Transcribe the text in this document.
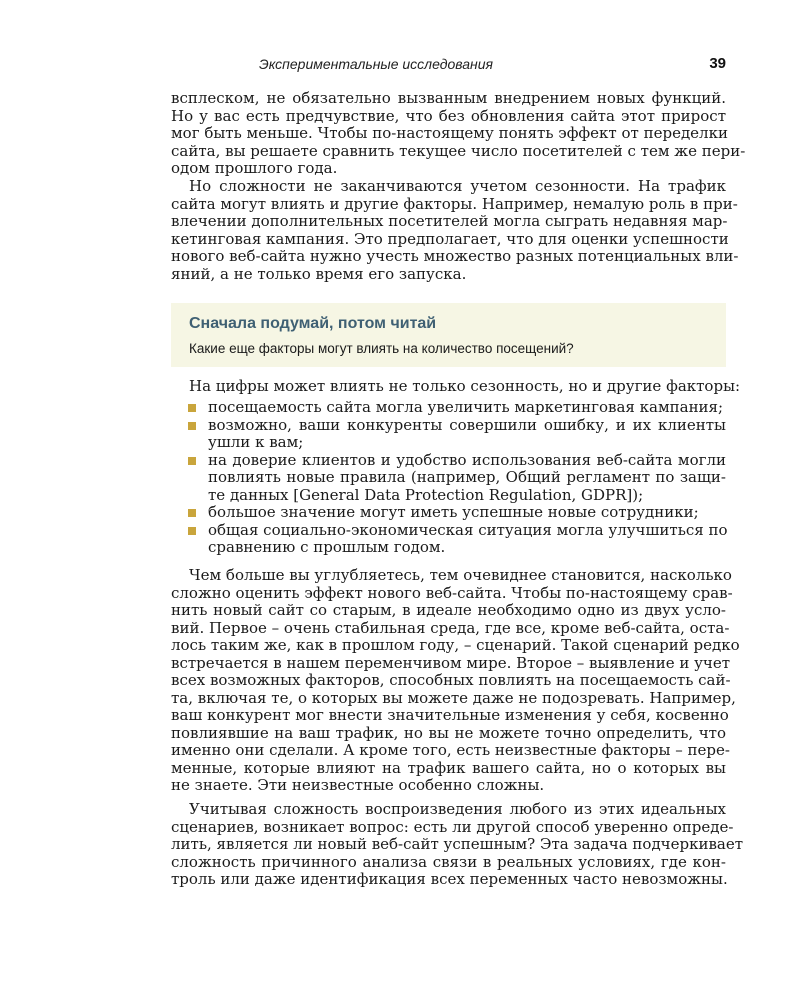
Экспериментальные исследования	39
всплеском, не обязательно вызванным внедрением новых функций.
Но у вас есть предчувствие, что без обновления сайта этот прирост
мог быть меньше. Чтобы по-настоящему понять эффект от переделки
сайта, вы решаете сравнить текущее число посетителей с тем же пери-
одом прошлого года.
Но сложности не заканчиваются учетом сезонности. На трафик
сайта могут влиять и другие факторы. Например, немалую роль в при-
влечении дополнительных посетителей могла сыграть недавняя мар-
кетинговая кампания. Это предполагает, что для оценки успешности
нового веб-сайта нужно учесть множество разных потенциальных вли-
яний, а не только время его запуска.
Сначала подумай, потом читай
Какие еще факторы могут влиять на количество посещений?
На цифры может влиять не только сезонность, но и другие факторы:
посещаемость сайта могла увеличить маркетинговая кампания;
возможно, ваши конкуренты совершили ошибку, и их клиенты
ушли к вам;
на доверие клиентов и удобство использования веб-сайта могли
повлиять новые правила (например, Общий регламент по защи-
те данных [General Data Protection Regulation, GDPR]);
большое значение могут иметь успешные новые сотрудники;
общая социально-экономическая ситуация могла улучшиться по
сравнению с прошлым годом.
Чем больше вы углубляетесь, тем очевиднее становится, насколько
сложно оценить эффект нового веб-сайта. Чтобы по-настоящему срав-
нить новый сайт со старым, в идеале необходимо одно из двух усло-
вий. Первое – очень стабильная среда, где все, кроме веб-сайта, оста-
лось таким же, как в прошлом году, – сценарий. Такой сценарий редко
встречается в нашем переменчивом мире. Второе – выявление и учет
всех возможных факторов, способных повлиять на посещаемость сай-
та, включая те, о которых вы можете даже не подозревать. Например,
ваш конкурент мог внести значительные изменения у себя, косвенно
повлиявшие на ваш трафик, но вы не можете точно определить, что
именно они сделали. А кроме того, есть неизвестные факторы – пере-
менные, которые влияют на трафик вашего сайта, но о которых вы
не знаете. Эти неизвестные особенно сложны.
Учитывая сложность воспроизведения любого из этих идеальных
сценариев, возникает вопрос: есть ли другой способ уверенно опреде-
лить, является ли новый веб-сайт успешным? Эта задача подчеркивает
сложность причинного анализа связи в реальных условиях, где кон-
троль или даже идентификация всех переменных часто невозможны.
